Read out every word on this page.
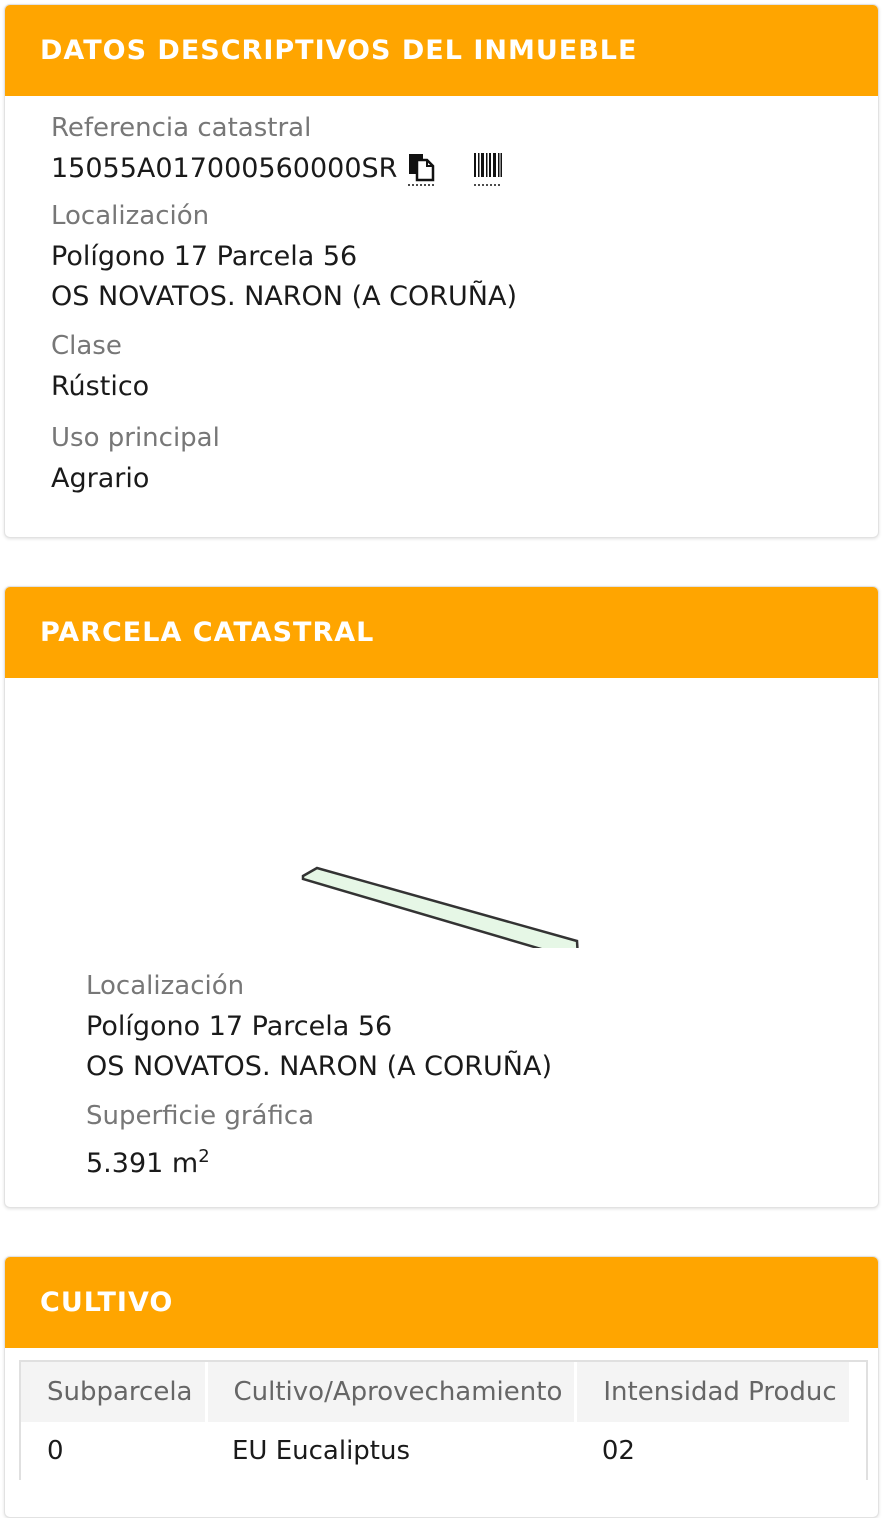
DATOS DESCRIPTIVOS DEL INMUEBLE
Referencia catastral
15055A017000560000SR
Localización
Polígono 17 Parcela 56
OS NOVATOS. NARON (A CORUÑA)
Clase
Rústico
Uso principal
Agrario
PARCELA CATASTRAL
Localización
Polígono 17 Parcela 56
OS NOVATOS. NARON (A CORUÑA)
Superficie gráfica
5.391 $m^2$
CULTIVO
Subparcela	Cultivo/Aprovechamiento	Intensidad Produc
0	EU Eucaliptus	02
